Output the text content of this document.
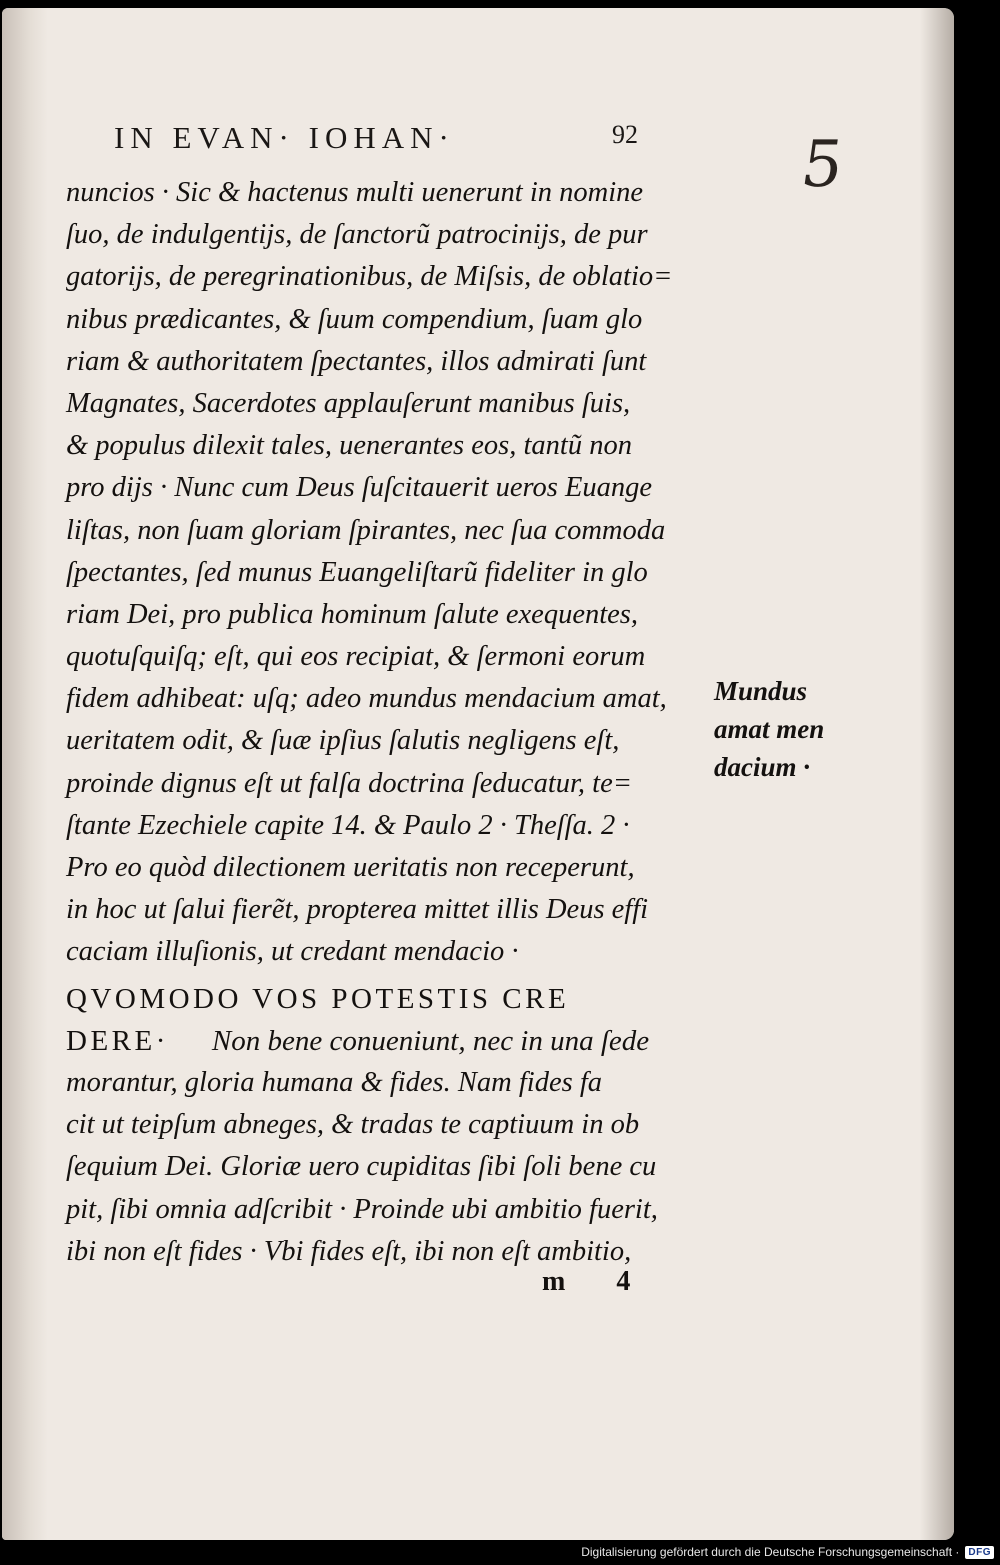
IN EVAN· IOHAN·	92 5
nuncios · Sic & hactenus multi uenerunt in nomine
ſuo, de indulgentijs, de ſanctorũ patrocinijs, de pur
gatorijs, de peregrinationibus, de Miſsis, de oblatio=
nibus prædicantes, & ſuum compendium, ſuam glo
riam & authoritatem ſpectantes, illos admirati ſunt
Magnates, Sacerdotes applauſerunt manibus ſuis,
& populus dilexit tales, uenerantes eos, tantũ non
pro dijs · Nunc cum Deus ſuſcitauerit ueros Euange
liſtas, non ſuam gloriam ſpirantes, nec ſua commoda
ſpectantes, ſed munus Euangeliſtarũ fideliter in glo
riam Dei, pro publica hominum ſalute exequentes,
quotuſquiſq; eſt, qui eos recipiat, & ſermoni eorum
fidem adhibeat: uſq; adeo mundus mendacium amat,
ueritatem odit, & ſuæ ipſius ſalutis negligens eſt,
proinde dignus eſt ut falſa doctrina ſeducatur, te=
ſtante Ezechiele capite 14. & Paulo 2 · Theſſa. 2 ·
Pro eo quòd dilectionem ueritatis non receperunt,
in hoc ut ſalui fierẽt, propterea mittet illis Deus effi
caciam illuſionis, ut credant mendacio ·
QVOMODO VOS POTESTIS CRE
DERE· Non bene conueniunt, nec in una ſede
morantur, gloria humana & fides. Nam fides fa
cit ut teipſum abneges, & tradas te captiuum in ob
ſequium Dei. Gloriæ uero cupiditas ſibi ſoli bene cu
pit, ſibi omnia adſcribit · Proinde ubi ambitio fuerit,
ibi non eſt fides · Vbi fides eſt, ibi non eſt ambitio,
Mundus
amat men
dacium ·
m 4
Digitalisierung gefördert durch die Deutsche Forschungsgemeinschaft · DFG
